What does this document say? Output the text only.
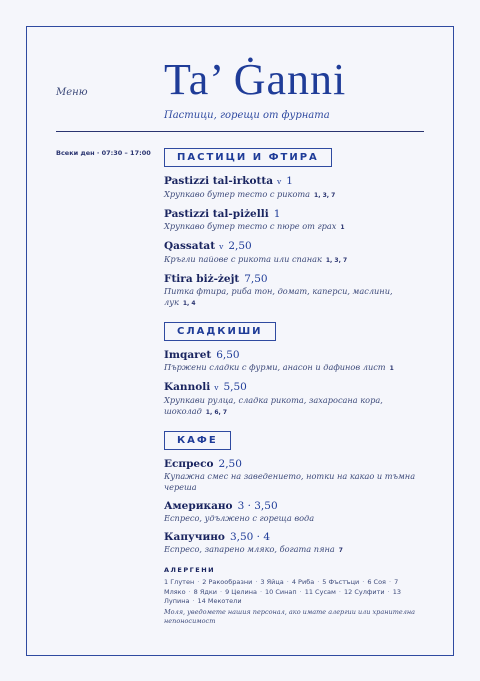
Меню Ta’ Ġanni
Пастици, горещи от фурната
Всеки ден · 07:30 – 17:00	ПАСТИЦИ И ФТИРА
Pastizzi tal-irkotta v 1
Хрупкаво бутер тесто с рикота 1, 3, 7
Pastizzi tal-piżelli 1
Хрупкаво бутер тесто с пюре от грах 1
Qassatat v 2,50
Кръгли пайове с рикота или спанак 1, 3, 7
Ftira biż-żejt 7,50
Питка фтира, риба тон, домат, каперси, маслини, лук 1, 4
СЛАДКИШИ
Imqaret 6,50
Пържени сладки с фурми, анасон и дафинов лист 1
Kannoli v 5,50
Хрупкави рулца, сладка рикота, захаросана кора, шоколад 1, 6, 7
КАФЕ
Еспресо 2,50
Купажна смес на заведението, нотки на какао и тъмна череша
Американо 3 · 3,50
Еспресо, удължено с гореща вода
Капучино 3,50 · 4
Еспресо, запарено мляко, богата пяна 7
АЛЕРГЕНИ
1 Глутен · 2 Ракообразни · 3 Яйца · 4 Риба · 5 Фъстъци · 6 Соя · 7 Мляко · 8 Ядки · 9 Целина · 10 Синап · 11 Сусам · 12 Сулфити · 13 Лупина · 14 Мекотели
Моля, уведомете нашия персонал, ако имате алергии или хранителна непоносимост
